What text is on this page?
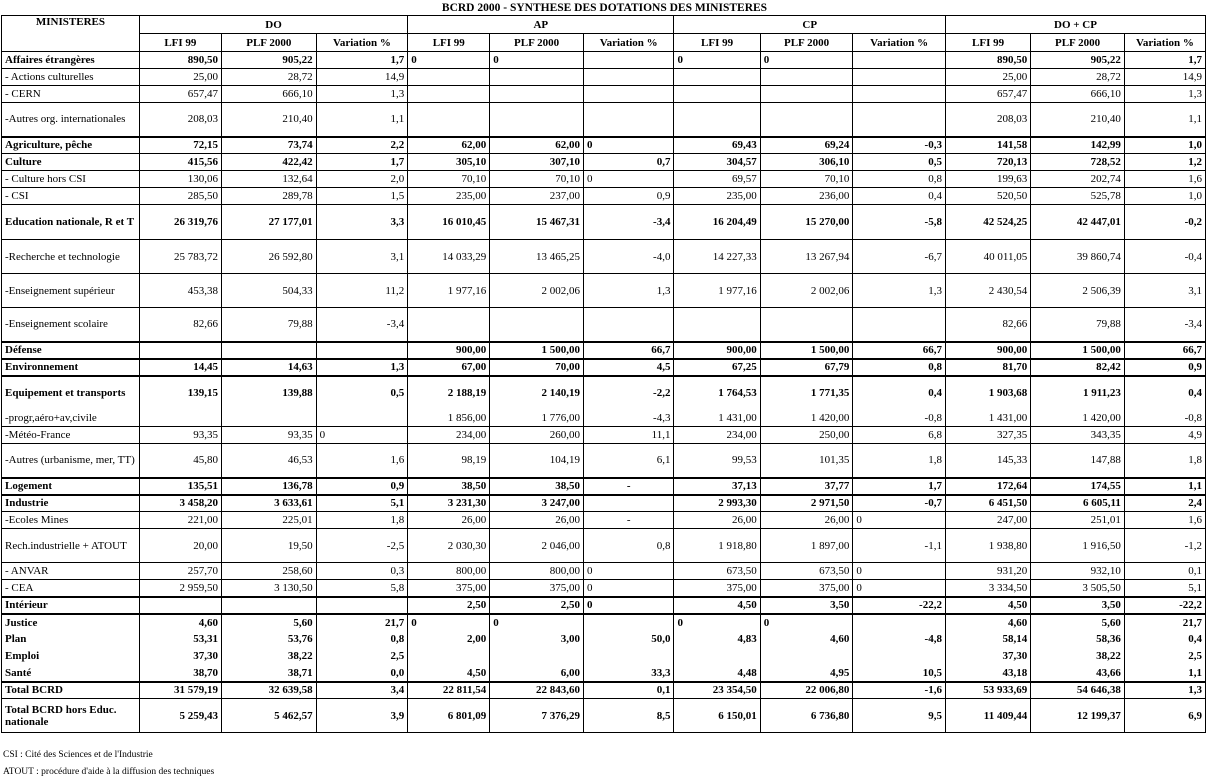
BCRD 2000 - SYNTHESE DES DOTATIONS DES MINISTERES
MINISTERES	DO			AP			CP			DO + CP		
	LFI 99	PLF 2000	Variation %	LFI 99	PLF 2000	Variation %	LFI 99	PLF 2000	Variation %	LFI 99	PLF 2000	Variation %
Affaires étrangères	890,50	905,22	1,7	0	0		0	0		890,50	905,22	1,7
- Actions culturelles	25,00	28,72	14,9							25,00	28,72	14,9
- CERN	657,47	666,10	1,3							657,47	666,10	1,3
-Autres org. internationales	208,03	210,40	1,1							208,03	210,40	1,1
Agriculture, pêche	72,15	73,74	2,2	62,00	62,00	0	69,43	69,24	-0,3	141,58	142,99	1,0
Culture	415,56	422,42	1,7	305,10	307,10	0,7	304,57	306,10	0,5	720,13	728,52	1,2
- Culture hors CSI	130,06	132,64	2,0	70,10	70,10	0	69,57	70,10	0,8	199,63	202,74	1,6
- CSI	285,50	289,78	1,5	235,00	237,00	0,9	235,00	236,00	0,4	520,50	525,78	1,0
Education nationale, R et T	26 319,76	27 177,01	3,3	16 010,45	15 467,31	-3,4	16 204,49	15 270,00	-5,8	42 524,25	42 447,01	-0,2
-Recherche et technologie	25 783,72	26 592,80	3,1	14 033,29	13 465,25	-4,0	14 227,33	13 267,94	-6,7	40 011,05	39 860,74	-0,4
-Enseignement supérieur	453,38	504,33	11,2	1 977,16	2 002,06	1,3	1 977,16	2 002,06	1,3	2 430,54	2 506,39	3,1
-Enseignement scolaire	82,66	79,88	-3,4							82,66	79,88	-3,4
Défense				900,00	1 500,00	66,7	900,00	1 500,00	66,7	900,00	1 500,00	66,7
Environnement	14,45	14,63	1,3	67,00	70,00	4,5	67,25	67,79	0,8	81,70	82,42	0,9
Equipement et transports	139,15	139,88	0,5	2 188,19	2 140,19	-2,2	1 764,53	1 771,35	0,4	1 903,68	1 911,23	0,4
-progr,aéro+av,civile				1 856,00	1 776,00	-4,3	1 431,00	1 420,00	-0,8	1 431,00	1 420,00	-0,8
-Météo-France	93,35	93,35	0	234,00	260,00	11,1	234,00	250,00	6,8	327,35	343,35	4,9
-Autres (urbanisme, mer, TT)	45,80	46,53	1,6	98,19	104,19	6,1	99,53	101,35	1,8	145,33	147,88	1,8
Logement	135,51	136,78	0,9	38,50	38,50	-	37,13	37,77	1,7	172,64	174,55	1,1
Industrie	3 458,20	3 633,61	5,1	3 231,30	3 247,00		2 993,30	2 971,50	-0,7	6 451,50	6 605,11	2,4
-Ecoles Mines	221,00	225,01	1,8	26,00	26,00	-	26,00	26,00	0	247,00	251,01	1,6
Rech.industrielle + ATOUT	20,00	19,50	-2,5	2 030,30	2 046,00	0,8	1 918,80	1 897,00	-1,1	1 938,80	1 916,50	-1,2
- ANVAR	257,70	258,60	0,3	800,00	800,00	0	673,50	673,50	0	931,20	932,10	0,1
- CEA	2 959,50	3 130,50	5,8	375,00	375,00	0	375,00	375,00	0	3 334,50	3 505,50	5,1
Intérieur				2,50	2,50	0	4,50	3,50	-22,2	4,50	3,50	-22,2
Justice	4,60	5,60	21,7	0	0		0	0		4,60	5,60	21,7
Plan	53,31	53,76	0,8	2,00	3,00	50,0	4,83	4,60	-4,8	58,14	58,36	0,4
Emploi	37,30	38,22	2,5							37,30	38,22	2,5
Santé	38,70	38,71	0,0	4,50	6,00	33,3	4,48	4,95	10,5	43,18	43,66	1,1
Total BCRD	31 579,19	32 639,58	3,4	22 811,54	22 843,60	0,1	23 354,50	22 006,80	-1,6	53 933,69	54 646,38	1,3
Total BCRD hors Educ. nationale	5 259,43	5 462,57	3,9	6 801,09	7 376,29	8,5	6 150,01	6 736,80	9,5	11 409,44	12 199,37	6,9
CSI : Cité des Sciences et de l'Industrie
ATOUT : procédure d'aide à la diffusion des techniques
